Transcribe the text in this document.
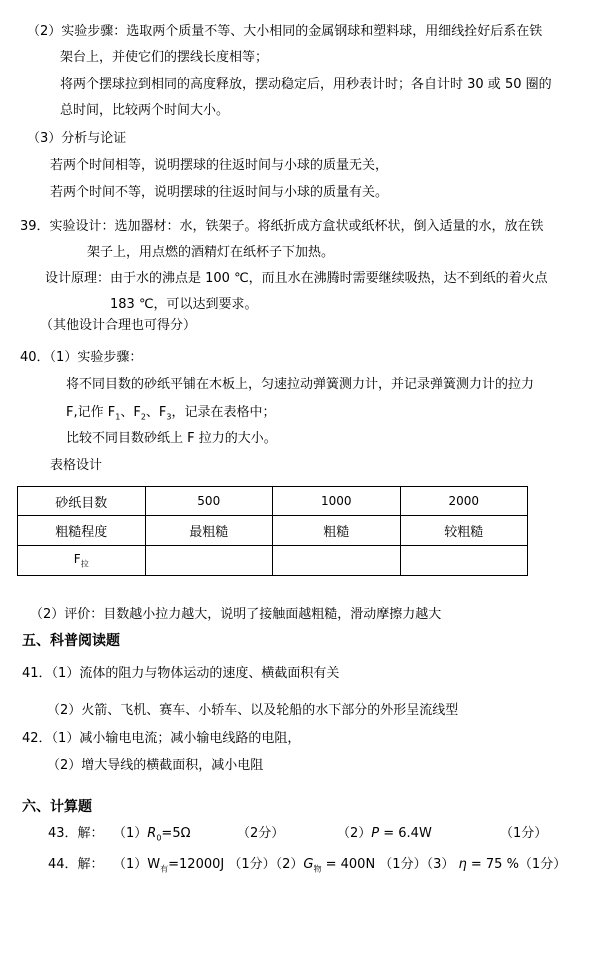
（2）实验步骤：选取两个质量不等、大小相同的金属钢球和塑料球，用细线拴好后系在铁
架台上，并使它们的摆线长度相等；
将两个摆球拉到相同的高度释放，摆动稳定后，用秒表计时；各自计时 30 或 50 圈的
总时间，比较两个时间大小。
（3）分析与论证
若两个时间相等，说明摆球的往返时间与小球的质量无关，
若两个时间不等，说明摆球的往返时间与小球的质量有关。
39．实验设计：选加器材：水，铁架子。将纸折成方盒状或纸杯状，倒入适量的水，放在铁
架子上，用点燃的酒精灯在纸杯子下加热。
设计原理：由于水的沸点是 100 ℃，而且水在沸腾时需要继续吸热，达不到纸的着火点
183 ℃，可以达到要求。
（其他设计合理也可得分）
40．（1）实验步骤：
将不同目数的砂纸平铺在木板上，匀速拉动弹簧测力计，并记录弹簧测力计的拉力
F,记作 $F_1$、$F_2$、$F_3$，记录在表格中；
比较不同目数砂纸上 F 拉力的大小。
表格设计
砂纸目数	500	1000	2000
粗糙程度	最粗糙	粗糙	较粗糙
$F_拉$			
（2）评价：目数越小拉力越大，说明了接触面越粗糙，滑动摩擦力越大
五、科普阅读题
41．（1）流体的阻力与物体运动的速度、横截面积有关
（2）火箭、飞机、赛车、小轿车、以及轮船的水下部分的外形呈流线型
42．（1）减小输电电流；减小输电线路的电阻，
（2）增大导线的横截面积，减小电阻
六、计算题
43．解： $(1)R_0=5\Omega$	（2分）	（2）P = 6.4W	（1分）
44．解： $(1)W_有=12000J$ （1分）$(2)G_物 = 400N$ （1分）（3） η = 75 %（1分）
